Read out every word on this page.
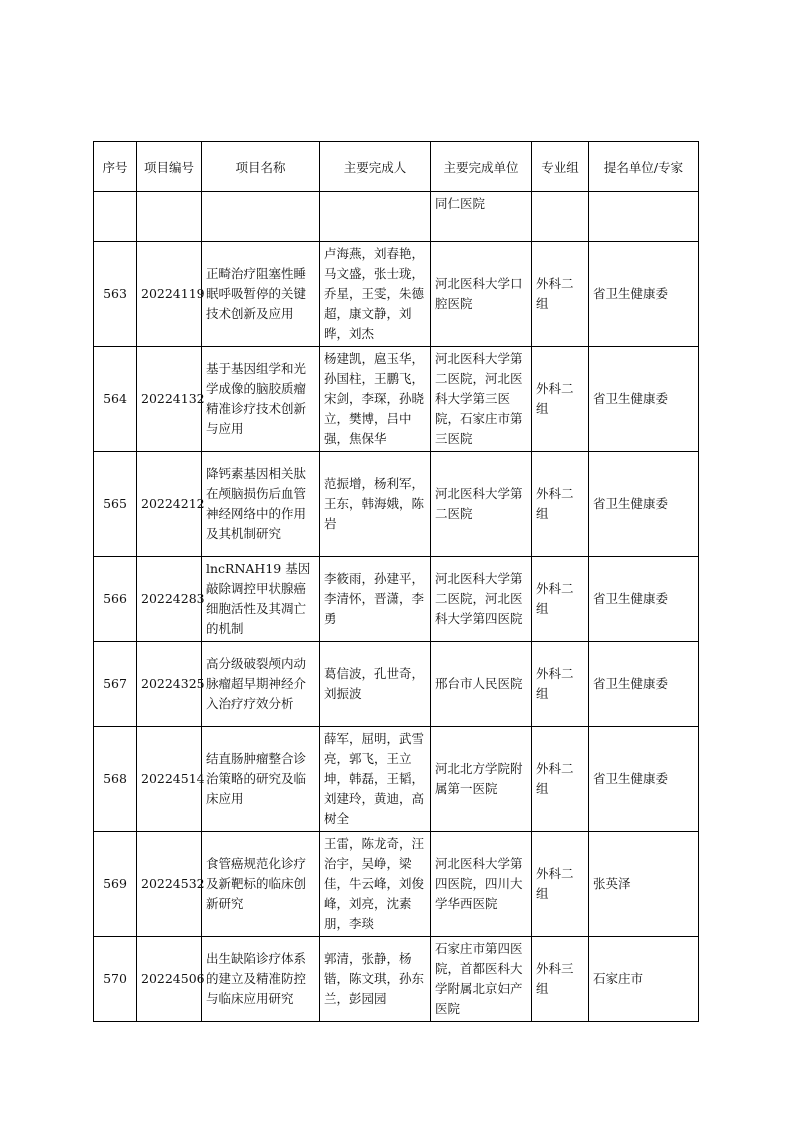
序号	项目编号	项目名称	主要完成人	主要完成单位	专业组	提名单位/专家
				同仁医院		
563	20224119	正畸治疗阻塞性睡眠呼吸暂停的关键技术创新及应用	卢海燕，刘春艳，马文盛，张士珑，乔星，王雯，朱德超，康文静，刘晔，刘杰	河北医科大学口腔医院	外科二组	省卫生健康委
564	20224132	基于基因组学和光学成像的脑胶质瘤精准诊疗技术创新与应用	杨建凯，扈玉华，孙国柱，王鹏飞，宋剑，李琛，孙晓立，樊博，吕中强，焦保华	河北医科大学第二医院，河北医科大学第三医院，石家庄市第三医院	外科二组	省卫生健康委
565	20224212	降钙素基因相关肽在颅脑损伤后血管神经网络中的作用及其机制研究	范振增，杨利军，王东，韩海娥，陈岩	河北医科大学第二医院	外科二组	省卫生健康委
566	20224283	lncRNAH19 基因敲除调控甲状腺癌细胞活性及其凋亡的机制	李筱雨，孙建平，李清怀，晋潇，李勇	河北医科大学第二医院，河北医科大学第四医院	外科二组	省卫生健康委
567	20224325	高分级破裂颅内动脉瘤超早期神经介入治疗疗效分析	葛信波，孔世奇，刘振波	邢台市人民医院	外科二组	省卫生健康委
568	20224514	结直肠肿瘤整合诊治策略的研究及临床应用	薛军，屈明，武雪亮，郭飞，王立坤，韩磊，王韬，刘建玲，黄迪，高树全	河北北方学院附属第一医院	外科二组	省卫生健康委
569	20224532	食管癌规范化诊疗及新靶标的临床创新研究	王雷，陈龙奇，汪治宇，吴峥，梁佳，牛云峰，刘俊峰，刘亮，沈素朋，李琰	河北医科大学第四医院，四川大学华西医院	外科二组	张英泽
570	20224506	出生缺陷诊疗体系的建立及精准防控与临床应用研究	郭清，张静，杨锴，陈文琪，孙东兰，彭园园	石家庄市第四医院，首都医科大学附属北京妇产医院	外科三组	石家庄市
